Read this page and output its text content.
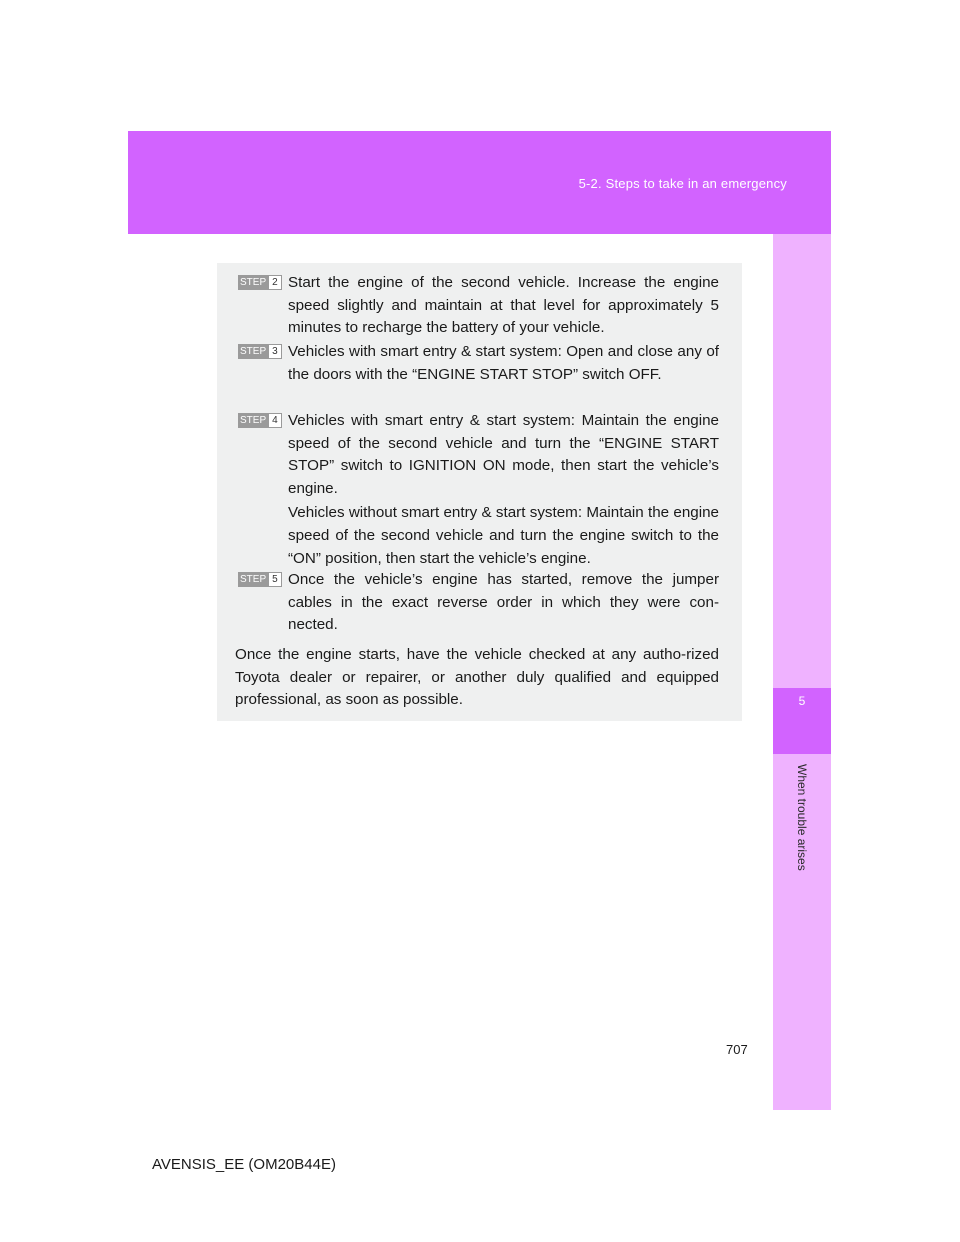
5-2. Steps to take in an emergency
5
When trouble arises
STEP 2 Start the engine of the second vehicle. Increase the engine speed slightly and maintain at that level for approximately 5 minutes to recharge the battery of your vehicle.
STEP 3 Vehicles with smart entry & start system: Open and close any of the doors with the “ENGINE START STOP” switch OFF.
STEP 4 Vehicles with smart entry & start system: Maintain the engine speed of the second vehicle and turn the “ENGINE START STOP” switch to IGNITION ON mode, then start the vehicle’s engine.
Vehicles without smart entry & start system: Maintain the engine speed of the second vehicle and turn the engine switch to the “ON” position, then start the vehicle’s engine.
STEP 5 Once the vehicle’s engine has started, remove the jumper cables in the exact reverse order in which they were con-nected.
Once the engine starts, have the vehicle checked at any autho-rized Toyota dealer or repairer, or another duly qualified and equipped professional, as soon as possible.
707
AVENSIS_EE (OM20B44E)
